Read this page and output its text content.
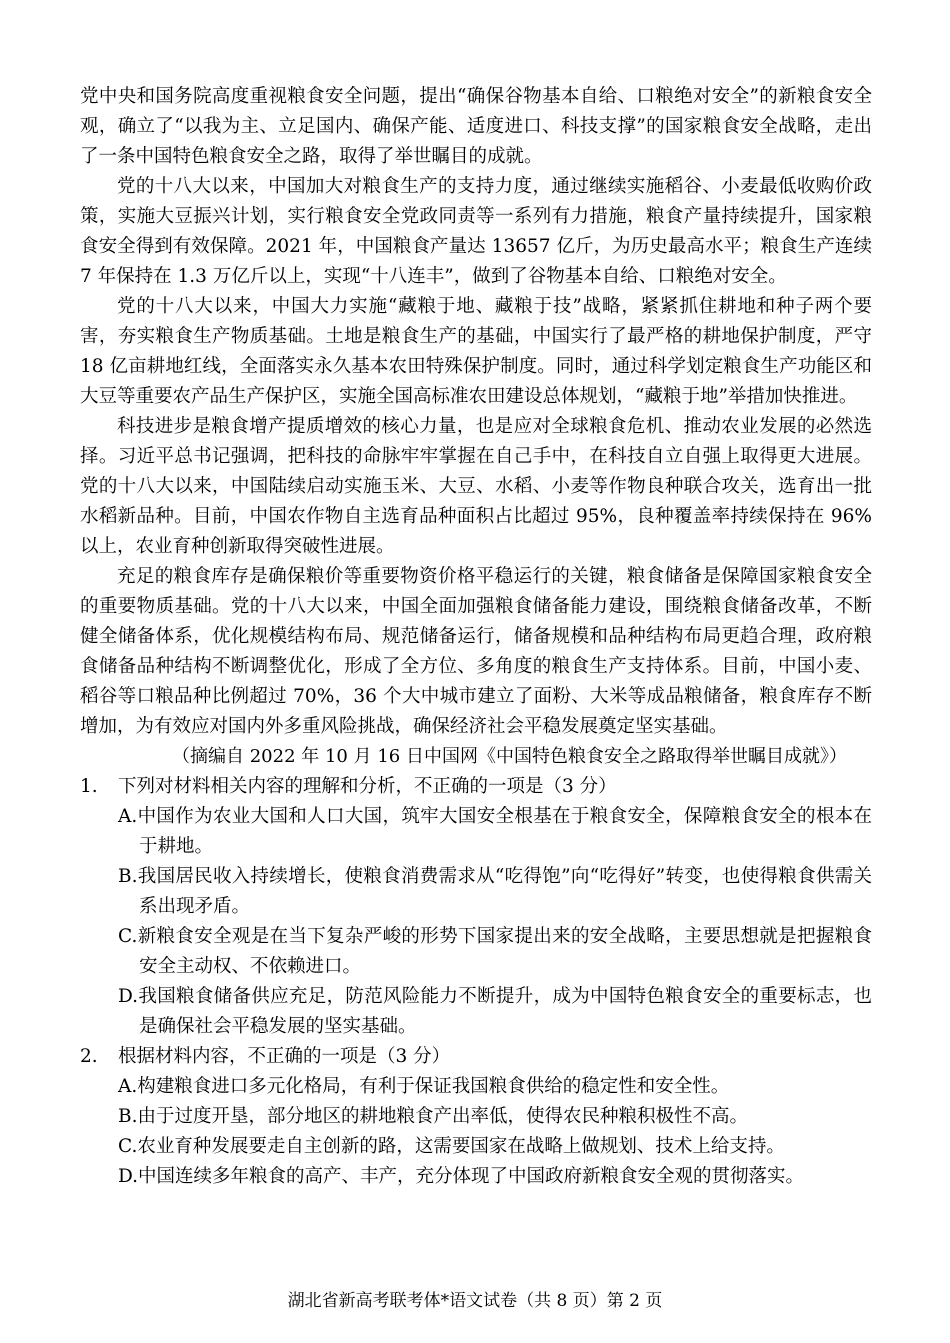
党中央和国务院高度重视粮食安全问题，提出“确保谷物基本自给、口粮绝对安全”的新粮食安全观，确立了“以我为主、立足国内、确保产能、适度进口、科技支撑”的国家粮食安全战略，走出了一条中国特色粮食安全之路，取得了举世瞩目的成就。

党的十八大以来，中国加大对粮食生产的支持力度，通过继续实施稻谷、小麦最低收购价政策，实施大豆振兴计划，实行粮食安全党政同责等一系列有力措施，粮食产量持续提升，国家粮食安全得到有效保障。2021 年，中国粮食产量达 13657 亿斤，为历史最高水平；粮食生产连续 7 年保持在 1.3 万亿斤以上，实现“十八连丰”，做到了谷物基本自给、口粮绝对安全。

党的十八大以来，中国大力实施“藏粮于地、藏粮于技”战略，紧紧抓住耕地和种子两个要害，夯实粮食生产物质基础。土地是粮食生产的基础，中国实行了最严格的耕地保护制度，严守 18 亿亩耕地红线，全面落实永久基本农田特殊保护制度。同时，通过科学划定粮食生产功能区和大豆等重要农产品生产保护区，实施全国高标准农田建设总体规划，“藏粮于地”举措加快推进。

科技进步是粮食增产提质增效的核心力量，也是应对全球粮食危机、推动农业发展的必然选择。习近平总书记强调，把科技的命脉牢牢掌握在自己手中，在科技自立自强上取得更大进展。党的十八大以来，中国陆续启动实施玉米、大豆、水稻、小麦等作物良种联合攻关，选育出一批水稻新品种。目前，中国农作物自主选育品种面积占比超过 95%，良种覆盖率持续保持在 96%以上，农业育种创新取得突破性进展。

充足的粮食库存是确保粮价等重要物资价格平稳运行的关键，粮食储备是保障国家粮食安全的重要物质基础。党的十八大以来，中国全面加强粮食储备能力建设，围绕粮食储备改革，不断健全储备体系，优化规模结构布局、规范储备运行，储备规模和品种结构布局更趋合理，政府粮食储备品种结构不断调整优化，形成了全方位、多角度的粮食生产支持体系。目前，中国小麦、稻谷等口粮品种比例超过 70%，36 个大中城市建立了面粉、大米等成品粮储备，粮食库存不断增加，为有效应对国内外多重风险挑战，确保经济社会平稳发展奠定坚实基础。

（摘编自 2022 年 10 月 16 日中国网《中国特色粮食安全之路取得举世瞩目成就》）

1.	下列对材料相关内容的理解和分析，不正确的一项是（3 分）

A.中国作为农业大国和人口大国，筑牢大国安全根基在于粮食安全，保障粮食安全的根本在于耕地。

B.我国居民收入持续增长，使粮食消费需求从“吃得饱”向“吃得好”转变，也使得粮食供需关系出现矛盾。

C.新粮食安全观是在当下复杂严峻的形势下国家提出来的安全战略，主要思想就是把握粮食安全主动权、不依赖进口。

D.我国粮食储备供应充足，防范风险能力不断提升，成为中国特色粮食安全的重要标志，也是确保社会平稳发展的坚实基础。

2.	根据材料内容，不正确的一项是（3 分）

A.构建粮食进口多元化格局，有利于保证我国粮食供给的稳定性和安全性。

B.由于过度开垦，部分地区的耕地粮食产出率低，使得农民种粮积极性不高。

C.农业育种发展要走自主创新的路，这需要国家在战略上做规划、技术上给支持。

D.中国连续多年粮食的高产、丰产，充分体现了中国政府新粮食安全观的贯彻落实。

湖北省新高考联考体*语文试卷（共 8 页）第 2 页
